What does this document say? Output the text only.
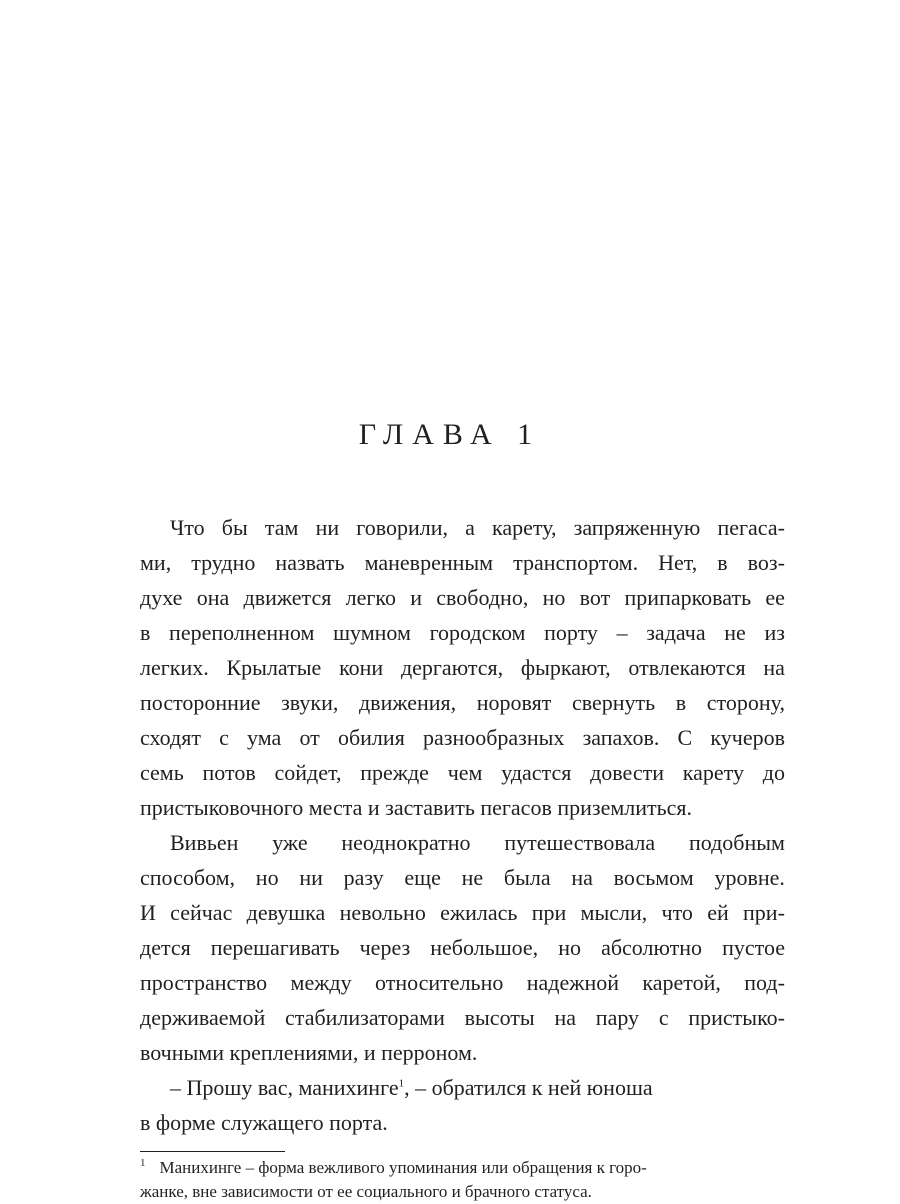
ГЛАВА 1
Что бы там ни говорили, а карету, запряженную пегаса-
ми, трудно назвать маневренным транспортом. Нет, в воз-
духе она движется легко и свободно, но вот припарковать ее
в переполненном шумном городском порту – задача не из
легких. Крылатые кони дергаются, фыркают, отвлекаются на
посторонние звуки, движения, норовят свернуть в сторону,
сходят с ума от обилия разнообразных запахов. С кучеров
семь потов сойдет, прежде чем удастся довести карету до
пристыковочного места и заставить пегасов приземлиться.
Вивьен уже неоднократно путешествовала подобным
способом, но ни разу еще не была на восьмом уровне.
И сейчас девушка невольно ежилась при мысли, что ей при-
дется перешагивать через небольшое, но абсолютно пустое
пространство между относительно надежной каретой, под-
держиваемой стабилизаторами высоты на пару с пристыко-
вочными креплениями, и перроном.
– Прошу вас, манихинге$^1$, – обратился к ней юноша
в форме служащего порта.
$^1$ Манихинге – форма вежливого упоминания или обращения к горо-
жанке, вне зависимости от ее социального и брачного статуса.
